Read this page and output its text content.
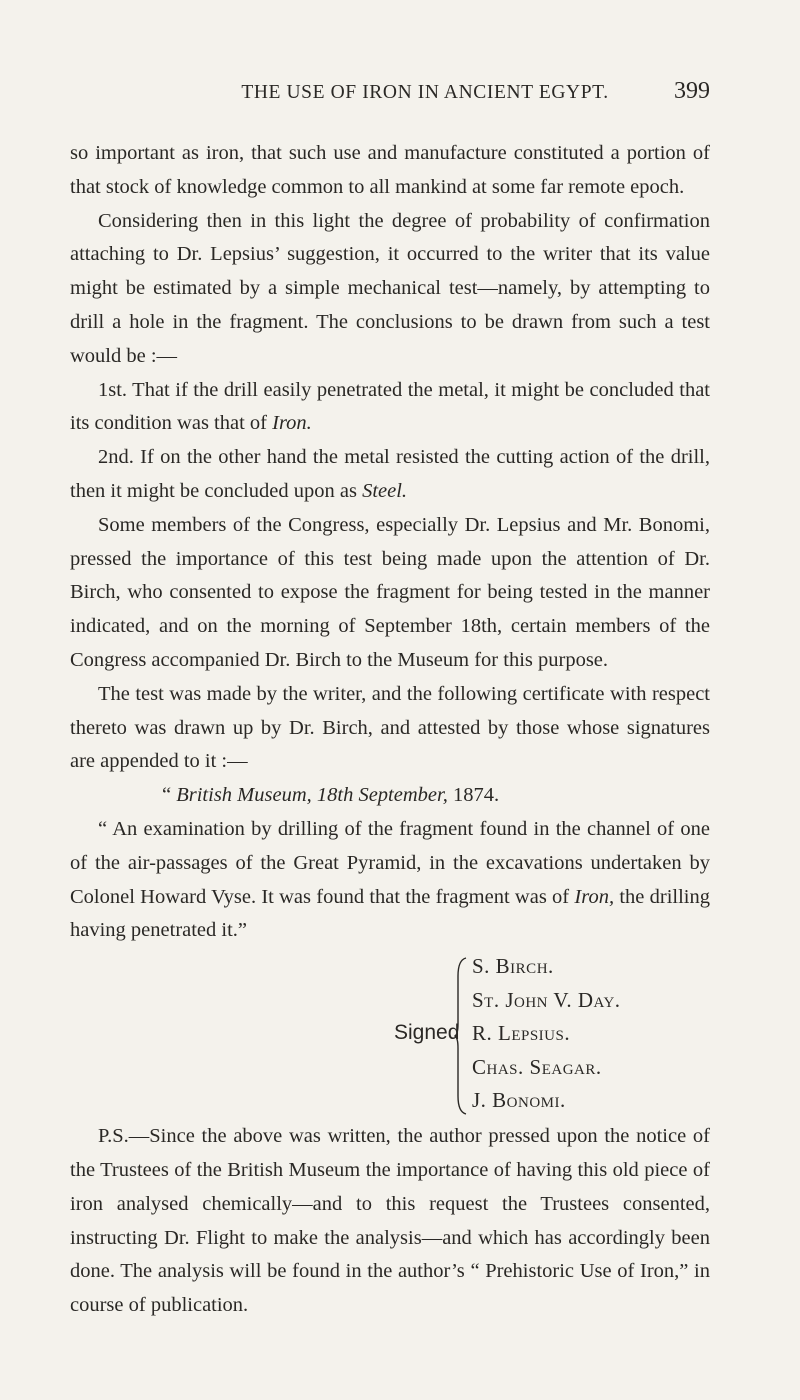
THE USE OF IRON IN ANCIENT EGYPT.	399

so important as iron, that such use and manufacture constituted a portion of that stock of knowledge common to all mankind at some far remote epoch.

Considering then in this light the degree of probability of confirmation attaching to Dr. Lepsius’ suggestion, it occurred to the writer that its value might be estimated by a simple mechanical test—namely, by attempting to drill a hole in the fragment. The conclusions to be drawn from such a test would be :—

1st. That if the drill easily penetrated the metal, it might be concluded that its condition was that of Iron.

2nd. If on the other hand the metal resisted the cutting action of the drill, then it might be concluded upon as Steel.

Some members of the Congress, especially Dr. Lepsius and Mr. Bonomi, pressed the importance of this test being made upon the attention of Dr. Birch, who consented to expose the fragment for being tested in the manner indicated, and on the morning of September 18th, certain members of the Congress accompanied Dr. Birch to the Museum for this purpose.

The test was made by the writer, and the following certificate with respect thereto was drawn up by Dr. Birch, and attested by those whose signatures are appended to it :—

“ British Museum, 18th September, 1874.

“ An examination by drilling of the fragment found in the channel of one of the air-passages of the Great Pyramid, in the excavations undertaken by Colonel Howard Vyse. It was found that the fragment was of Iron, the drilling having penetrated it.”

Signed
S. Birch.
St. John V. Day.
R. Lepsius.
Chas. Seagar.
J. Bonomi.

P.S.—Since the above was written, the author pressed upon the notice of the Trustees of the British Museum the importance of having this old piece of iron analysed chemically—and to this request the Trustees consented, instructing Dr. Flight to make the analysis—and which has accordingly been done. The analysis will be found in the author’s “ Prehistoric Use of Iron,” in course of publication.
